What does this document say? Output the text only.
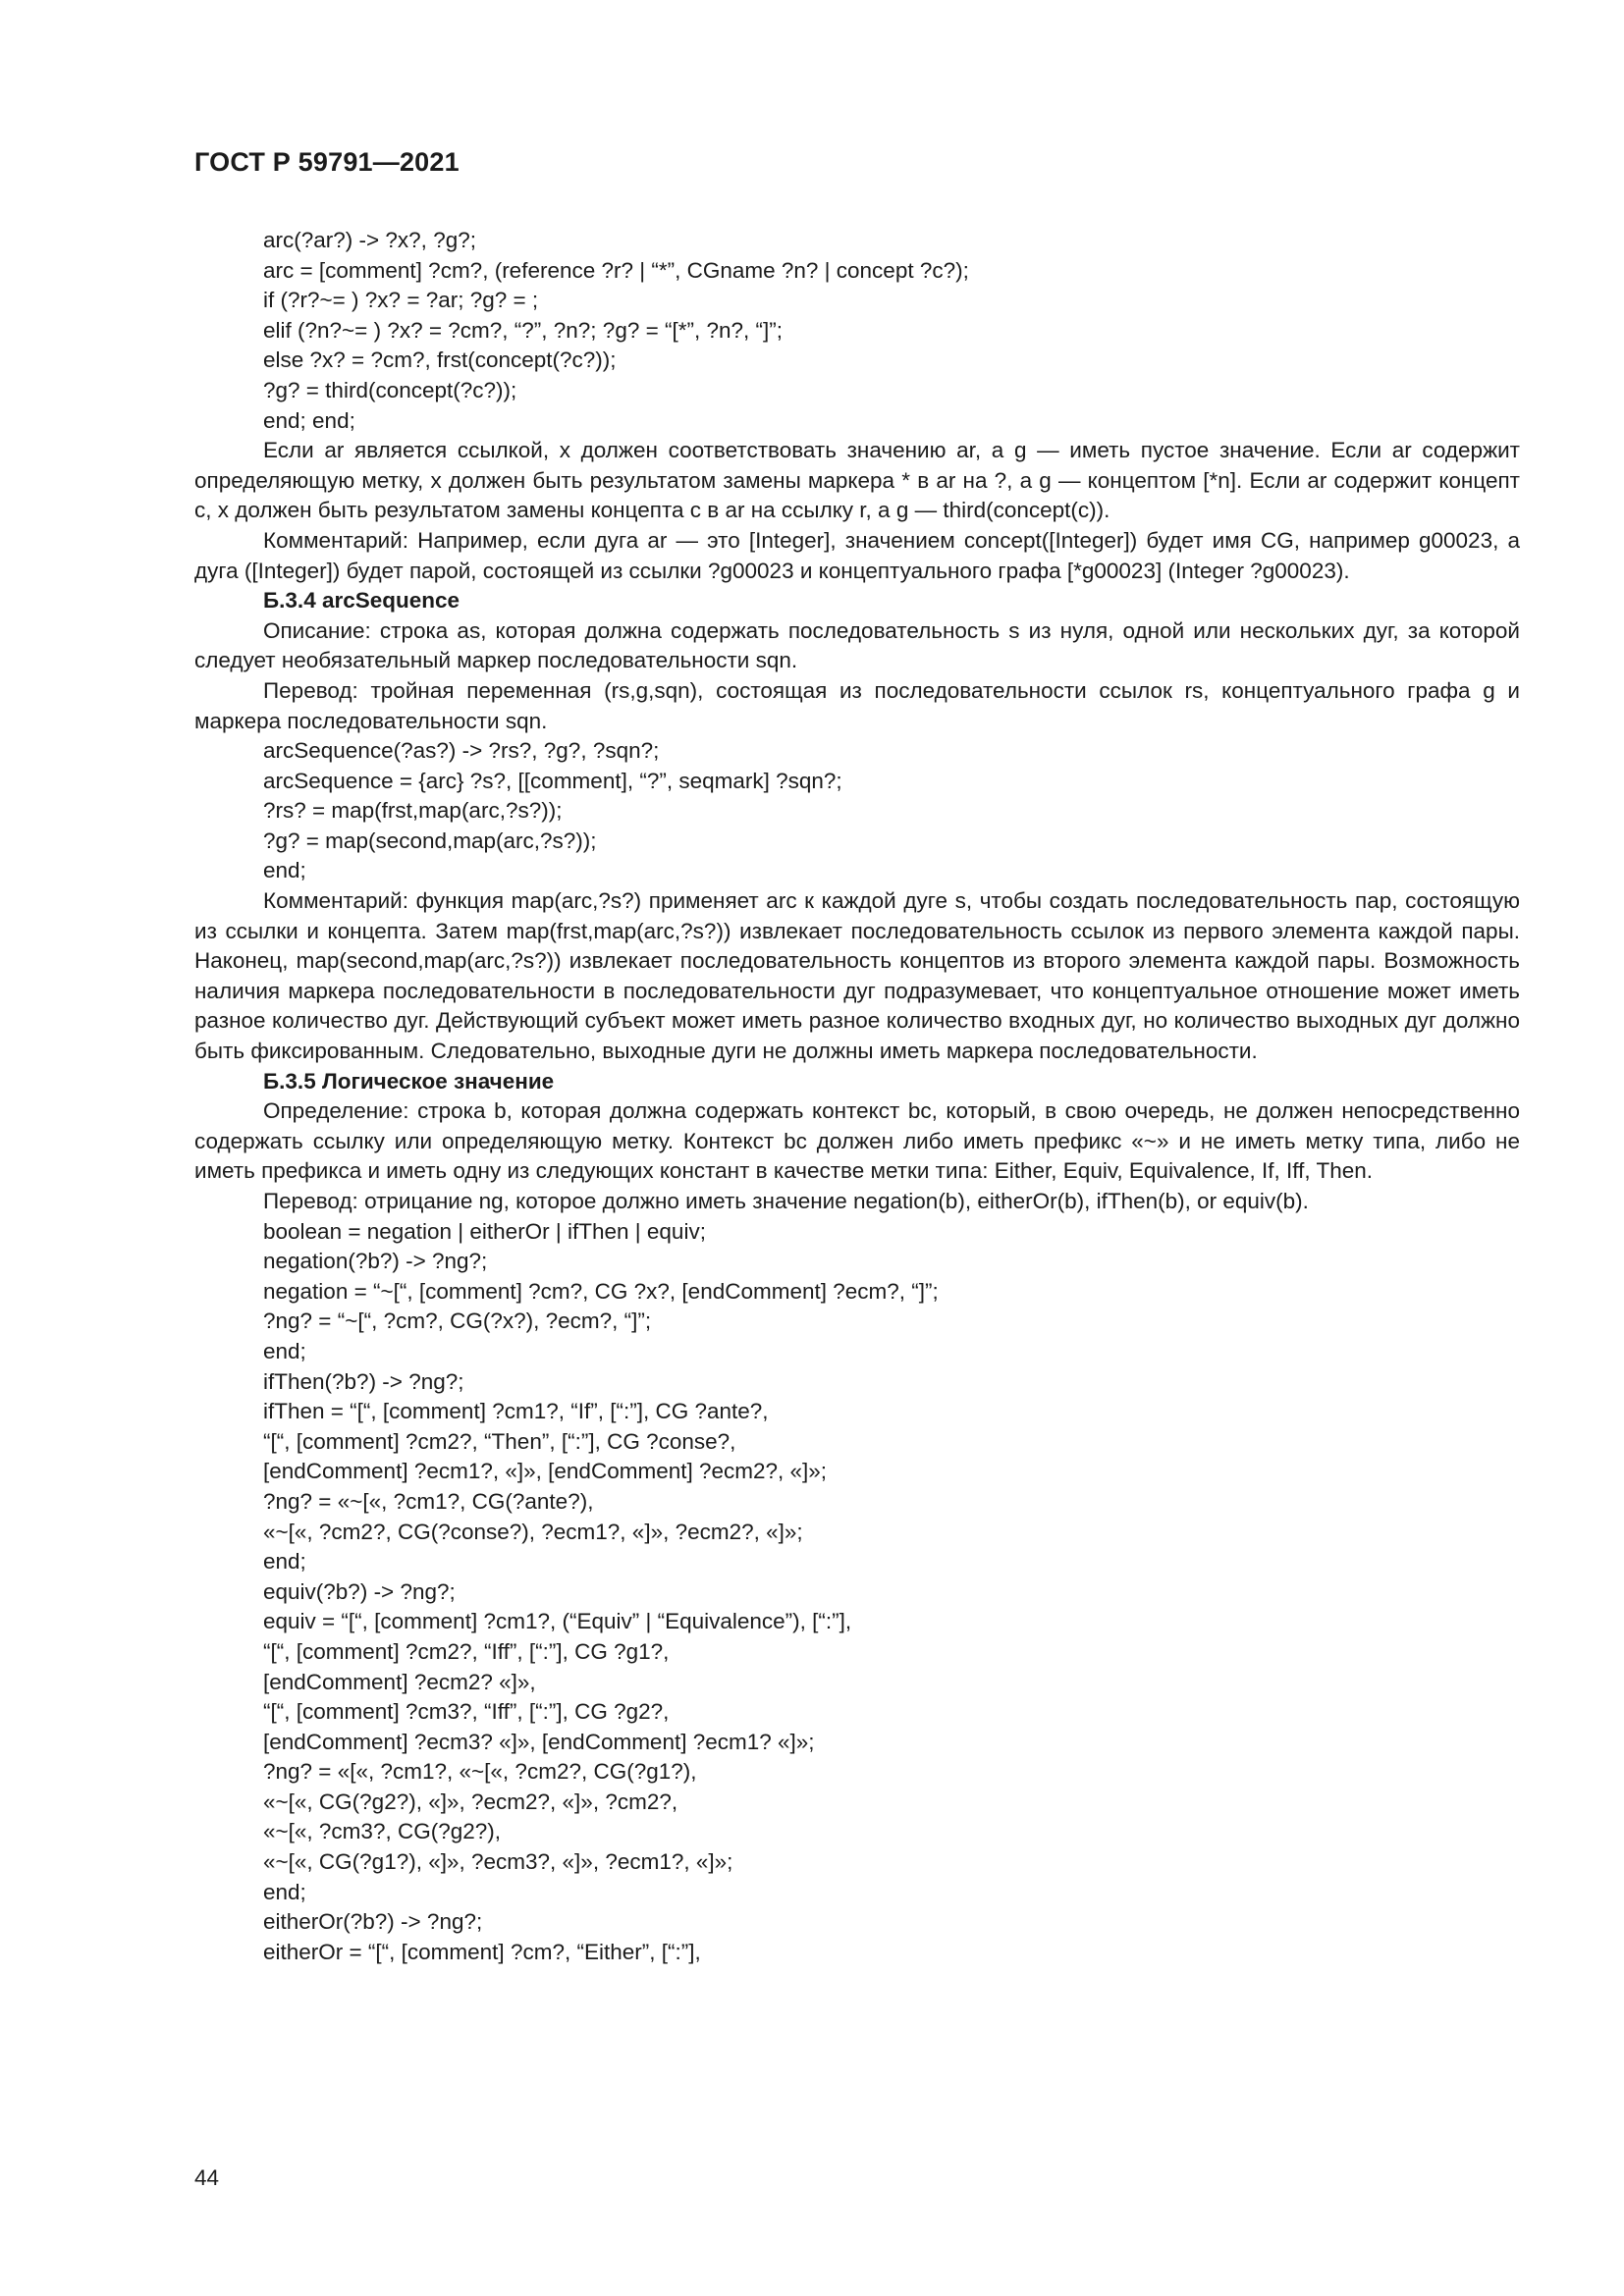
ГОСТ Р 59791—2021
arc(?ar?) -> ?x?, ?g?;
arc = [comment] ?cm?, (reference ?r? | “*”, CGname ?n? | concept ?c?);
if (?r?~= ) ?x? = ?ar; ?g? = ;
elif (?n?~= ) ?x? = ?cm?, “?”, ?n?; ?g? = “[*”, ?n?, “]”;
else ?x? = ?cm?, frst(concept(?c?));
?g? = third(concept(?c?));
end; end;
Если ar является ссылкой, x должен соответствовать значению ar, а g — иметь пустое значение. Если ar содержит определяющую метку, x должен быть результатом замены маркера * в ar на ?, а g — концептом [*n]. Если ar содержит концепт c, x должен быть результатом замены концепта c в ar на ссылку r, а g — third(concept(c)).
Комментарий: Например, если дуга ar — это [Integer], значением concept([Integer]) будет имя CG, например g00023, а дуга ([Integer]) будет парой, состоящей из ссылки ?g00023 и концептуального графа [*g00023] (Integer ?g00023).
Б.3.4 arcSequence
Описание: строка as, которая должна содержать последовательность s из нуля, одной или нескольких дуг, за которой следует необязательный маркер последовательности sqn.
Перевод: тройная переменная (rs,g,sqn), состоящая из последовательности ссылок rs, концептуального графа g и маркера последовательности sqn.
arcSequence(?as?) -> ?rs?, ?g?, ?sqn?;
arcSequence = {arc} ?s?, [[comment], “?”, seqmark] ?sqn?;
?rs? = map(frst,map(arc,?s?));
?g? = map(second,map(arc,?s?));
end;
Комментарий: функция map(arc,?s?) применяет arc к каждой дуге s, чтобы создать последовательность пар, состоящую из ссылки и концепта. Затем map(frst,map(arc,?s?)) извлекает последовательность ссылок из первого элемента каждой пары. Наконец, map(second,map(arc,?s?)) извлекает последовательность концептов из второго элемента каждой пары. Возможность наличия маркера последовательности в последовательности дуг подразумевает, что концептуальное отношение может иметь разное количество дуг. Действующий субъект может иметь разное количество входных дуг, но количество выходных дуг должно быть фиксированным. Следовательно, выходные дуги не должны иметь маркера последовательности.
Б.3.5 Логическое значение
Определение: строка b, которая должна содержать контекст bc, который, в свою очередь, не должен непосредственно содержать ссылку или определяющую метку. Контекст bc должен либо иметь префикс «~» и не иметь метку типа, либо не иметь префикса и иметь одну из следующих констант в качестве метки типа: Either, Equiv, Equivalence, If, Iff, Then.
Перевод: отрицание ng, которое должно иметь значение negation(b), eitherOr(b), ifThen(b), or equiv(b).
boolean = negation | eitherOr | ifThen | equiv;
negation(?b?) -> ?ng?;
negation = “~[“, [comment] ?cm?, CG ?x?, [endComment] ?ecm?, “]”;
?ng? = “~[“, ?cm?, CG(?x?), ?ecm?, “]”;
end;
ifThen(?b?) -> ?ng?;
ifThen = “[“, [comment] ?cm1?, “If”, [“:”], CG ?ante?,
“[“, [comment] ?cm2?, “Then”, [“:”], CG ?conse?,
[endComment] ?ecm1?, «]», [endComment] ?ecm2?, «]»;
?ng? = «~[«, ?cm1?, CG(?ante?),
«~[«, ?cm2?, CG(?conse?), ?ecm1?, «]», ?ecm2?, «]»;
end;
equiv(?b?) -> ?ng?;
equiv = “[“, [comment] ?cm1?, (“Equiv” | “Equivalence”), [“:”],
“[“, [comment] ?cm2?, “Iff”, [“:”], CG ?g1?,
[endComment] ?ecm2? «]»,
“[“, [comment] ?cm3?, “Iff”, [“:”], CG ?g2?,
[endComment] ?ecm3? «]», [endComment] ?ecm1? «]»;
?ng? = «[«, ?cm1?, «~[«, ?cm2?, CG(?g1?),
«~[«, CG(?g2?), «]», ?ecm2?, «]», ?cm2?,
«~[«, ?cm3?, CG(?g2?),
«~[«, CG(?g1?), «]», ?ecm3?, «]», ?ecm1?, «]»;
end;
eitherOr(?b?) -> ?ng?;
eitherOr = “[“, [comment] ?cm?, “Either”, [“:”],
44
